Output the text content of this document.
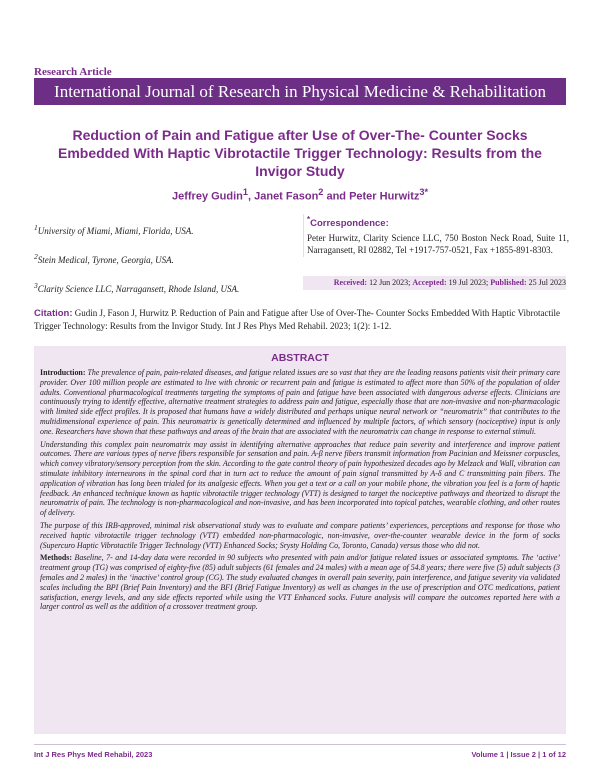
Research Article
International Journal of Research in Physical Medicine & Rehabilitation
Reduction of Pain and Fatigue after Use of Over-The- Counter Socks Embedded With Haptic Vibrotactile Trigger Technology: Results from the Invigor Study
Jeffrey Gudin$^1$, Janet Fason$^2$ and Peter Hurwitz$^{3*}$
$^1$University of Miami, Miami, Florida, USA.
$^2$Stein Medical, Tyrone, Georgia, USA.
$^3$Clarity Science LLC, Narragansett, Rhode Island, USA.
*Correspondence:
Peter Hurwitz, Clarity Science LLC, 750 Boston Neck Road, Suite 11, Narragansett, RI 02882, Tel +1917-757-0521, Fax +1855-891-8303.
Received: 12 Jun 2023; Accepted: 19 Jul 2023; Published: 25 Jul 2023
Citation: Gudin J, Fason J, Hurwitz P. Reduction of Pain and Fatigue after Use of Over-The- Counter Socks Embedded With Haptic Vibrotactile Trigger Technology: Results from the Invigor Study. Int J Res Phys Med Rehabil. 2023; 1(2): 1-12.
ABSTRACT

Introduction: The prevalence of pain, pain-related diseases, and fatigue related issues are so vast that they are the leading reasons patients visit their primary care provider. Over 100 million people are estimated to live with chronic or recurrent pain and fatigue is estimated to affect more than 50% of the population of older adults. Conventional pharmacological treatments targeting the symptoms of pain and fatigue have been associated with dangerous adverse effects. Clinicians are continuously trying to identify effective, alternative treatment strategies to address pain and fatigue, especially those that are non-invasive and non-pharmacologic with limited side effect profiles. It is proposed that humans have a widely distributed and perhaps unique neural network or “neuromatrix” that contributes to the multidimensional experience of pain. This neuromatrix is genetically determined and influenced by multiple factors, of which sensory (nociceptive) input is only one. Researchers have shown that these pathways and areas of the brain that are associated with the neuromatrix can change in response to external stimuli.

Understanding this complex pain neuromatrix may assist in identifying alternative approaches that reduce pain severity and interference and improve patient outcomes. There are various types of nerve fibers responsible for sensation and pain. A-β nerve fibers transmit information from Pacinian and Meissner corpuscles, which convey vibratory/sensory perception from the skin. According to the gate control theory of pain hypothesized decades ago by Melzack and Wall, vibration can stimulate inhibitory interneurons in the spinal cord that in turn act to reduce the amount of pain signal transmitted by A-δ and C transmitting pain fibers. The application of vibration has long been trialed for its analgesic effects. When you get a text or a call on your mobile phone, the vibration you feel is a form of haptic feedback. An enhanced technique known as haptic vibrotactile trigger technology (VTT) is designed to target the nociceptive pathways and theorized to disrupt the neuromatrix of pain. The technology is non-pharmacological and non-invasive, and has been incorporated into topical patches, wearable clothing, and other routes of delivery.

The purpose of this IRB-approved, minimal risk observational study was to evaluate and compare patients’ experiences, perceptions and response for those who received haptic vibrotactile trigger technology (VTT) embedded non-pharmacologic, non-invasive, over-the-counter wearable device in the form of socks (Supercuro Haptic Vibrotactile Trigger Technology (VTT) Enhanced Socks; Srysty Holding Co, Toronto, Canada) versus those who did not.

Methods: Baseline, 7- and 14-day data were recorded in 90 subjects who presented with pain and/or fatigue related issues or associated symptoms. The ‘active’ treatment group (TG) was comprised of eighty-five (85) adult subjects (61 females and 24 males) with a mean age of 54.8 years; there were five (5) adult subjects (3 females and 2 males) in the ‘inactive’ control group (CG). The study evaluated changes in overall pain severity, pain interference, and fatigue severity via validated scales including the BPI (Brief Pain Inventory) and the BFI (Brief Fatigue Inventory) as well as changes in the use of prescription and OTC medications, patient satisfaction, energy levels, and any side effects reported while using the VTT Enhanced socks. Future analysis will compare the outcomes reported here with a larger control as well as the addition of a crossover treatment group.

Int J Res Phys Med Rehabil, 2023	Volume 1 | Issue 2 | 1 of 12
